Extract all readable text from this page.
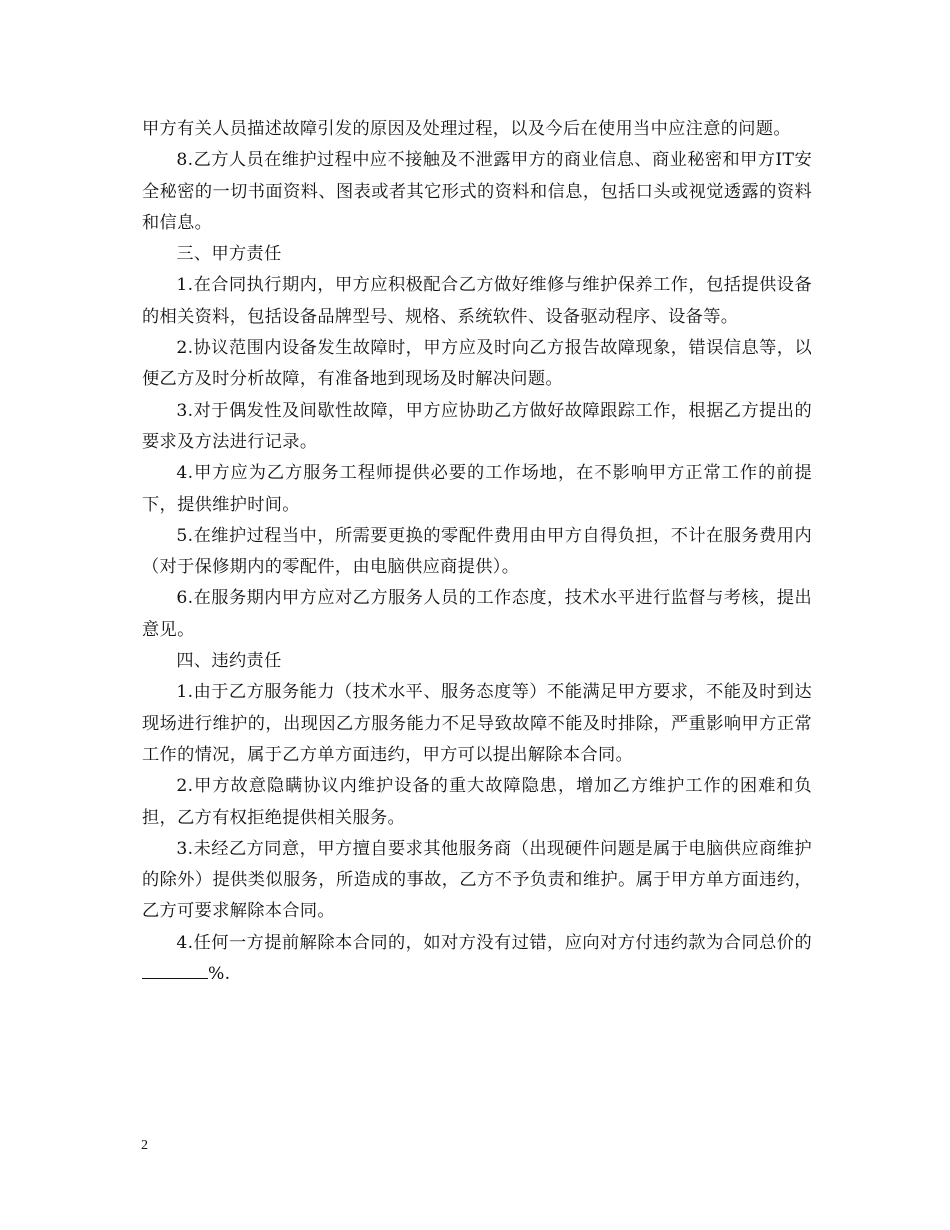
甲方有关人员描述故障引发的原因及处理过程，以及今后在使用当中应注意的问题。

8.乙方人员在维护过程中应不接触及不泄露甲方的商业信息、商业秘密和甲方IT安全秘密的一切书面资料、图表或者其它形式的资料和信息，包括口头或视觉透露的资料和信息。

三、甲方责任

1.在合同执行期内，甲方应积极配合乙方做好维修与维护保养工作，包括提供设备的相关资料，包括设备品牌型号、规格、系统软件、设备驱动程序、设备等。

2.协议范围内设备发生故障时，甲方应及时向乙方报告故障现象，错误信息等，以便乙方及时分析故障，有准备地到现场及时解决问题。

3.对于偶发性及间歇性故障，甲方应协助乙方做好故障跟踪工作，根据乙方提出的要求及方法进行记录。

4.甲方应为乙方服务工程师提供必要的工作场地，在不影响甲方正常工作的前提下，提供维护时间。

5.在维护过程当中，所需要更换的零配件费用由甲方自得负担，不计在服务费用内（对于保修期内的零配件，由电脑供应商提供）。

6.在服务期内甲方应对乙方服务人员的工作态度，技术水平进行监督与考核，提出意见。

四、违约责任

1.由于乙方服务能力（技术水平、服务态度等）不能满足甲方要求，不能及时到达现场进行维护的，出现因乙方服务能力不足导致故障不能及时排除，严重影响甲方正常工作的情况，属于乙方单方面违约，甲方可以提出解除本合同。

2.甲方故意隐瞒协议内维护设备的重大故障隐患，增加乙方维护工作的困难和负担，乙方有权拒绝提供相关服务。

3.未经乙方同意，甲方擅自要求其他服务商（出现硬件问题是属于电脑供应商维护的除外）提供类似服务，所造成的事故，乙方不予负责和维护。属于甲方单方面违约，乙方可要求解除本合同。

4.任何一方提前解除本合同的，如对方没有过错，应向对方付违约款为合同总价的%.

2
